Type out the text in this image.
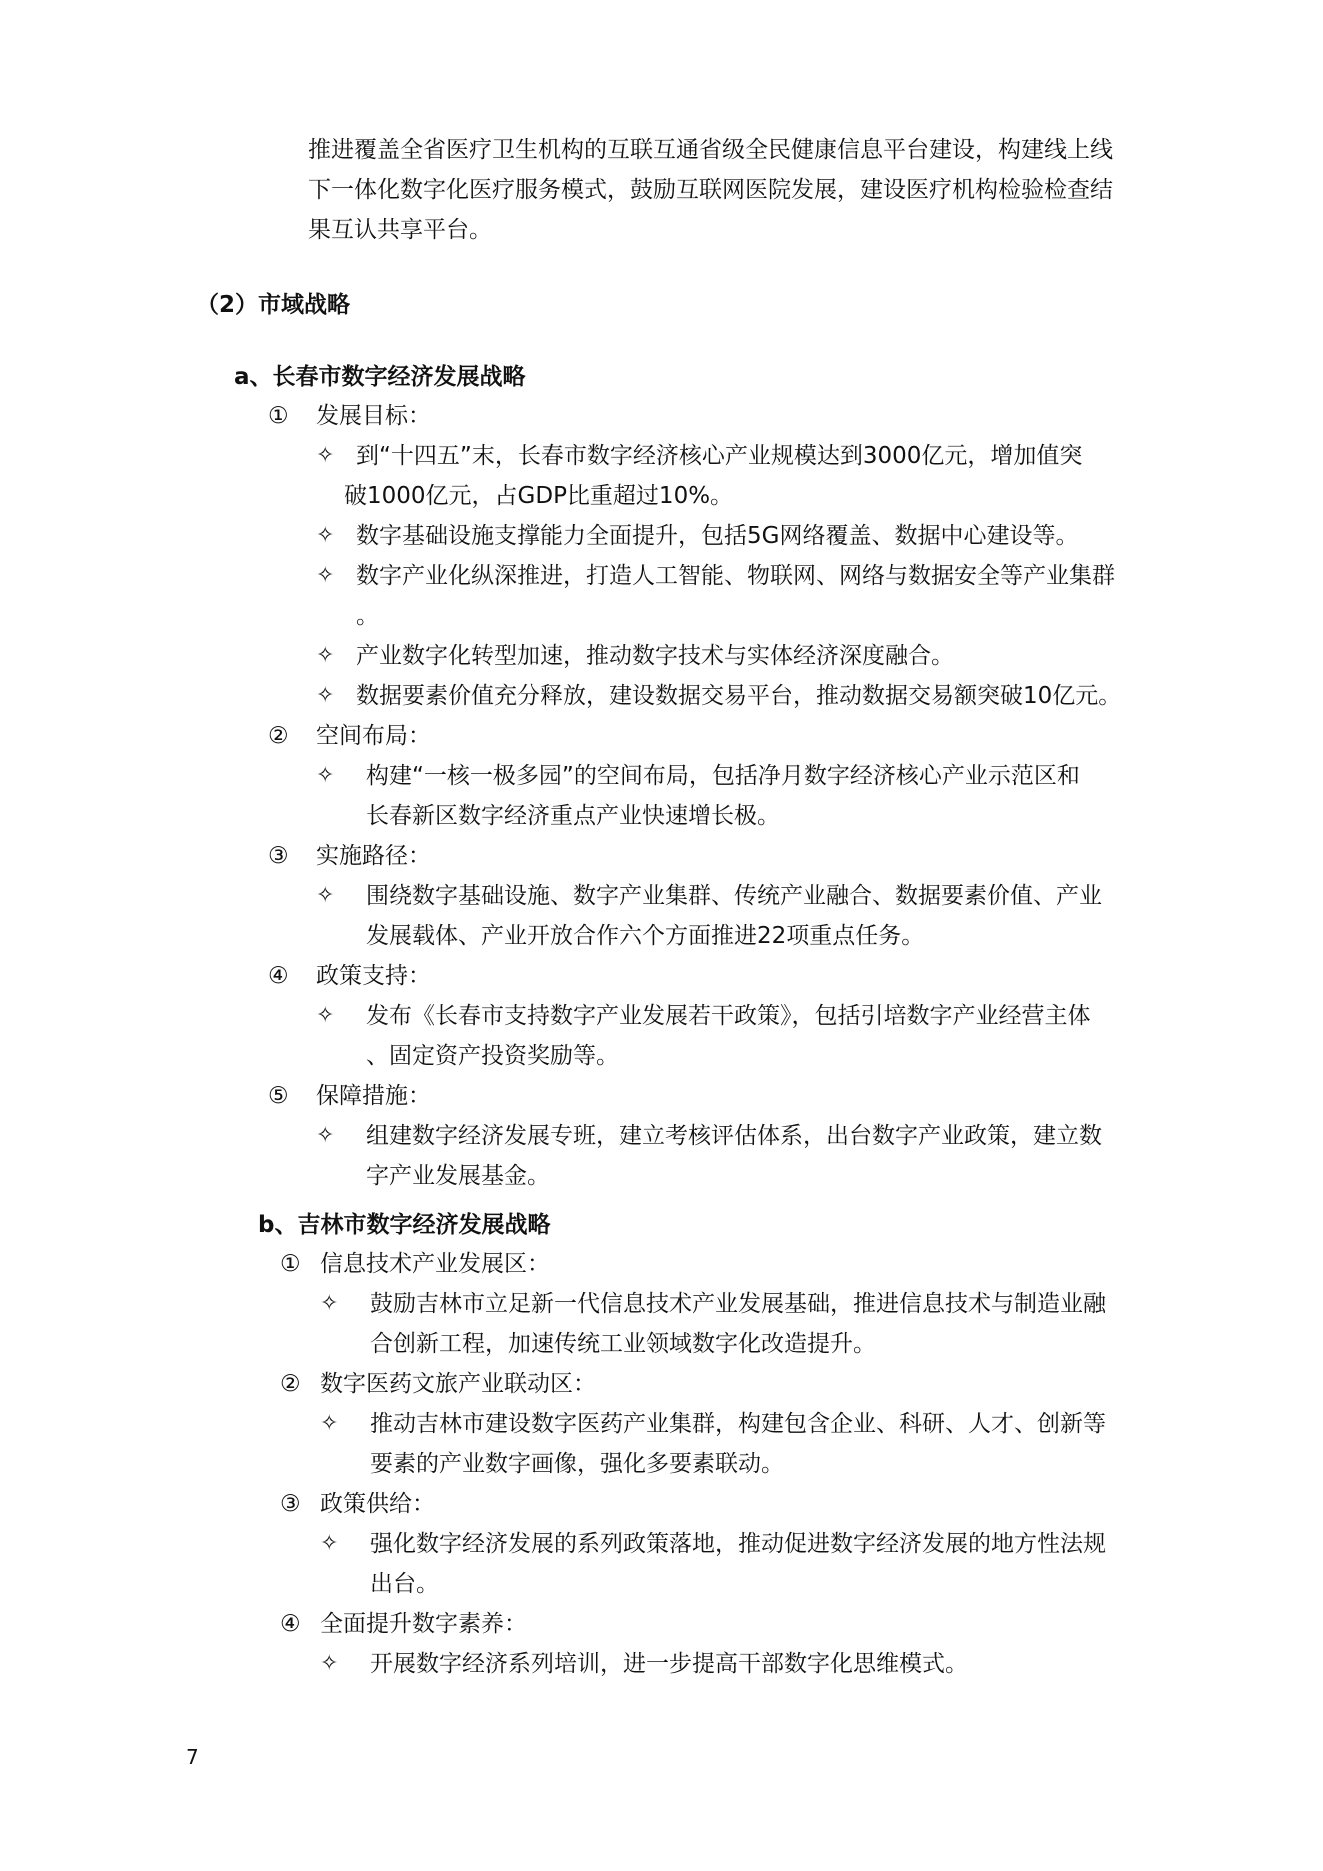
推进覆盖全省医疗卫生机构的互联互通省级全民健康信息平台建设，构建线上线
下一体化数字化医疗服务模式，鼓励互联网医院发展，建设医疗机构检验检查结
果互认共享平台。
（2）市域战略
a、长春市数字经济发展战略
① 发展目标：
✧ 到“十四五”末，长春市数字经济核心产业规模达到3000亿元，增加值突
破1000亿元，占GDP比重超过10%。
✧ 数字基础设施支撑能力全面提升，包括5G网络覆盖、数据中心建设等。
✧ 数字产业化纵深推进，打造人工智能、物联网、网络与数据安全等产业集群
。
✧ 产业数字化转型加速，推动数字技术与实体经济深度融合。
✧ 数据要素价值充分释放，建设数据交易平台，推动数据交易额突破10亿元。
② 空间布局：
✧ 构建“一核一极多园”的空间布局，包括净月数字经济核心产业示范区和
长春新区数字经济重点产业快速增长极。
③ 实施路径：
✧ 围绕数字基础设施、数字产业集群、传统产业融合、数据要素价值、产业
发展载体、产业开放合作六个方面推进22项重点任务。
④ 政策支持：
✧ 发布《长春市支持数字产业发展若干政策》，包括引培数字产业经营主体
、固定资产投资奖励等。
⑤ 保障措施：
✧ 组建数字经济发展专班，建立考核评估体系，出台数字产业政策，建立数
字产业发展基金。
b、吉林市数字经济发展战略
① 信息技术产业发展区：
✧ 鼓励吉林市立足新一代信息技术产业发展基础，推进信息技术与制造业融
合创新工程，加速传统工业领域数字化改造提升。
② 数字医药文旅产业联动区：
✧ 推动吉林市建设数字医药产业集群，构建包含企业、科研、人才、创新等
要素的产业数字画像，强化多要素联动。
③ 政策供给：
✧ 强化数字经济发展的系列政策落地，推动促进数字经济发展的地方性法规
出台。
④ 全面提升数字素养：
✧ 开展数字经济系列培训，进一步提高干部数字化思维模式。
7
